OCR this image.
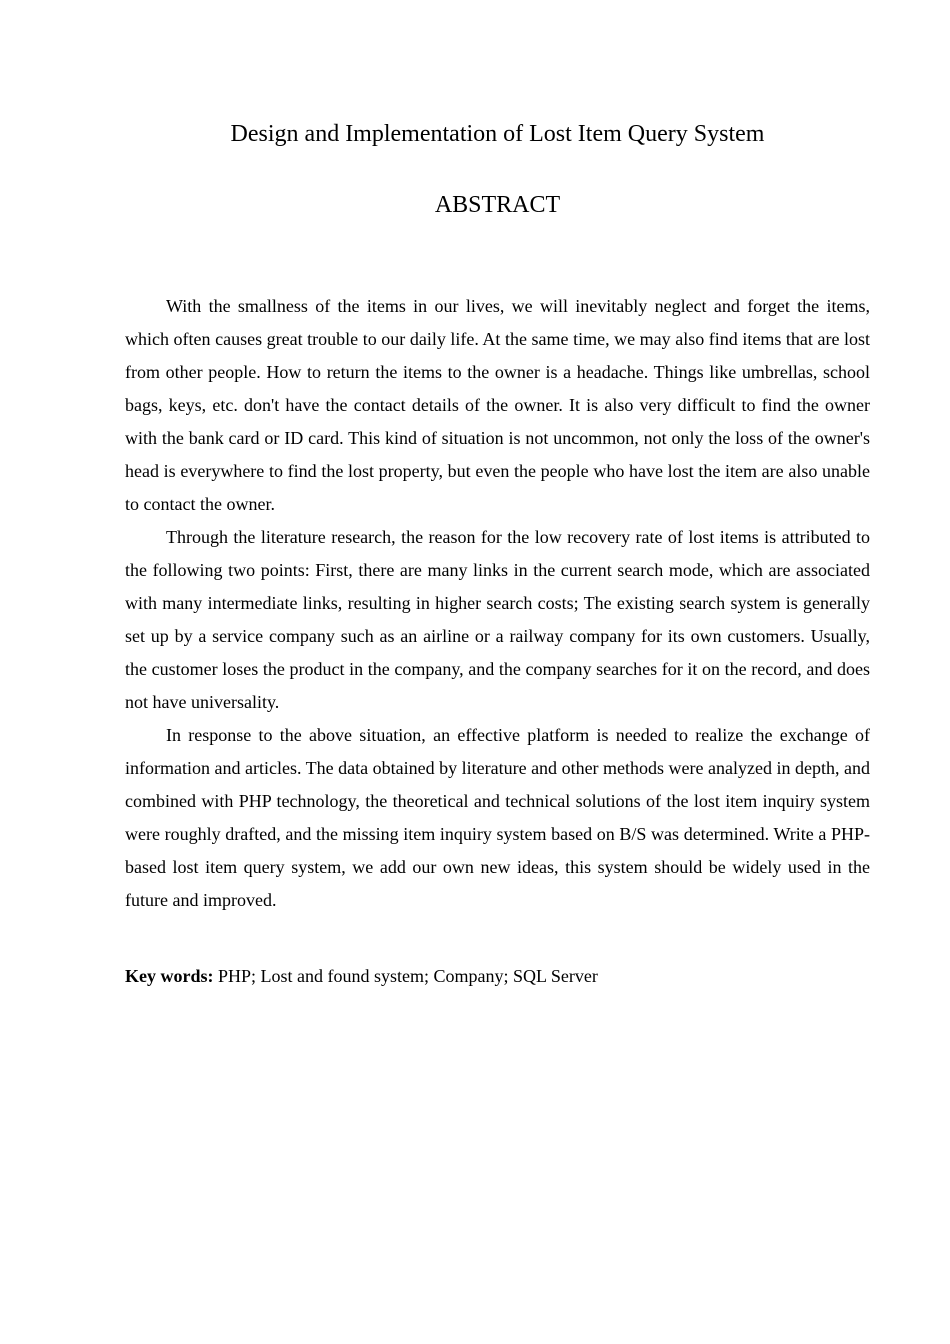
Design and Implementation of Lost Item Query System
ABSTRACT

With the smallness of the items in our lives, we will inevitably neglect and forget the items, which often causes great trouble to our daily life. At the same time, we may also find items that are lost from other people. How to return the items to the owner is a headache. Things like umbrellas, school bags, keys, etc. don't have the contact details of the owner. It is also very difficult to find the owner with the bank card or ID card. This kind of situation is not uncommon, not only the loss of the owner's head is everywhere to find the lost property, but even the people who have lost the item are also unable to contact the owner.

Through the literature research, the reason for the low recovery rate of lost items is attributed to the following two points: First, there are many links in the current search mode, which are associated with many intermediate links, resulting in higher search costs; The existing search system is generally set up by a service company such as an airline or a railway company for its own customers. Usually, the customer loses the product in the company, and the company searches for it on the record, and does not have universality.

In response to the above situation, an effective platform is needed to realize the exchange of information and articles. The data obtained by literature and other methods were analyzed in depth, and combined with PHP technology, the theoretical and technical solutions of the lost item inquiry system were roughly drafted, and the missing item inquiry system based on B/S was determined. Write a PHP-based lost item query system, we add our own new ideas, this system should be widely used in the future and improved.

Key words: PHP; Lost and found system; Company; SQL Server
